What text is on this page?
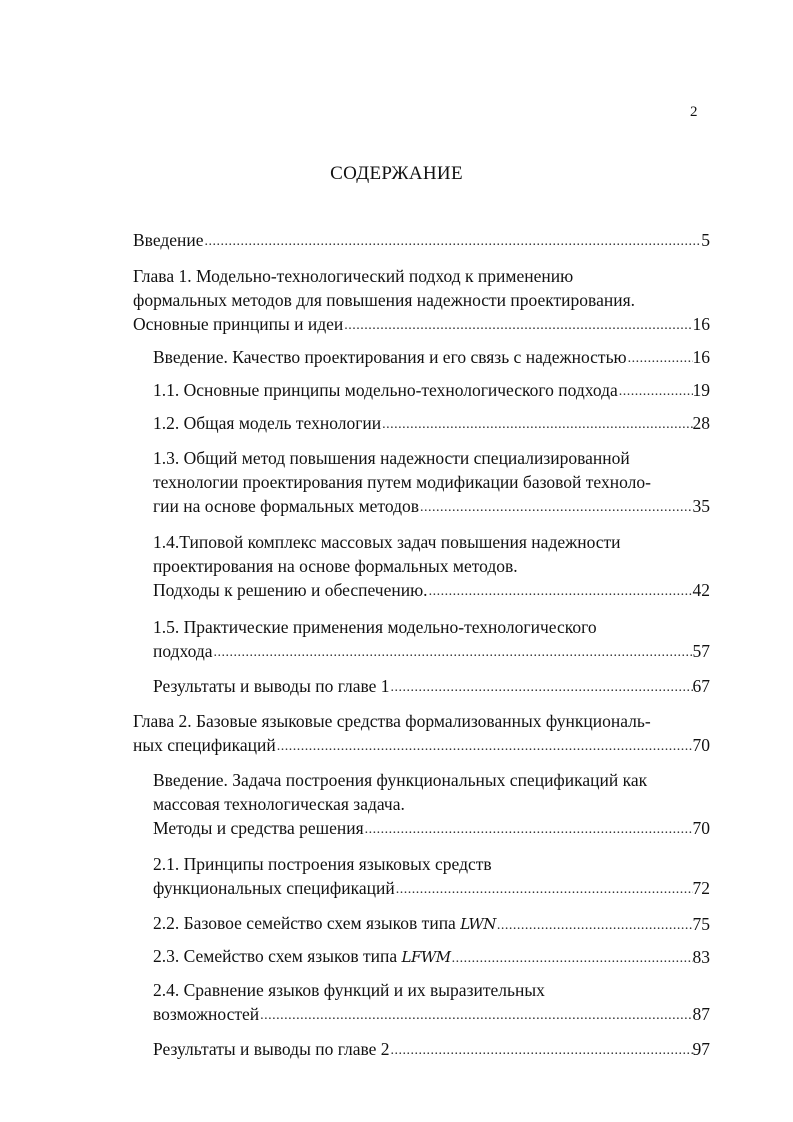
2
СОДЕРЖАНИЕ
Введение .....	5
Глава 1. Модельно-технологический подход к применению
формальных методов для повышения надежности проектирования.
Основные принципы и идеи .....	16
Введение. Качество проектирования и его связь с надежностью .....	16
1.1. Основные принципы модельно-технологического подхода .....	19
1.2. Общая модель технологии .....	28
1.3. Общий метод повышения надежности специализированной
технологии проектирования путем модификации базовой техноло-
гии на основе формальных методов .....	35
1.4.Типовой комплекс массовых задач повышения надежности
проектирования на основе формальных методов.
Подходы к решению и обеспечению. .....	42
1.5. Практические применения модельно-технологического
подхода .....	57
Результаты и выводы по главе 1 .....	67
Глава 2. Базовые языковые средства формализованных функциональ-
ных спецификаций .....	70
Введение. Задача построения функциональных спецификаций как
массовая технологическая задача.
Методы и средства решения .....	70
2.1. Принципы построения языковых средств
функциональных спецификаций .....	72
2.2. Базовое семейство схем языков типа LWN .....	75
2.3. Семейство схем языков типа LFWM .....	83
2.4. Сравнение языков функций и их выразительных
возможностей .....	87
Результаты и выводы по главе 2 .....	97
